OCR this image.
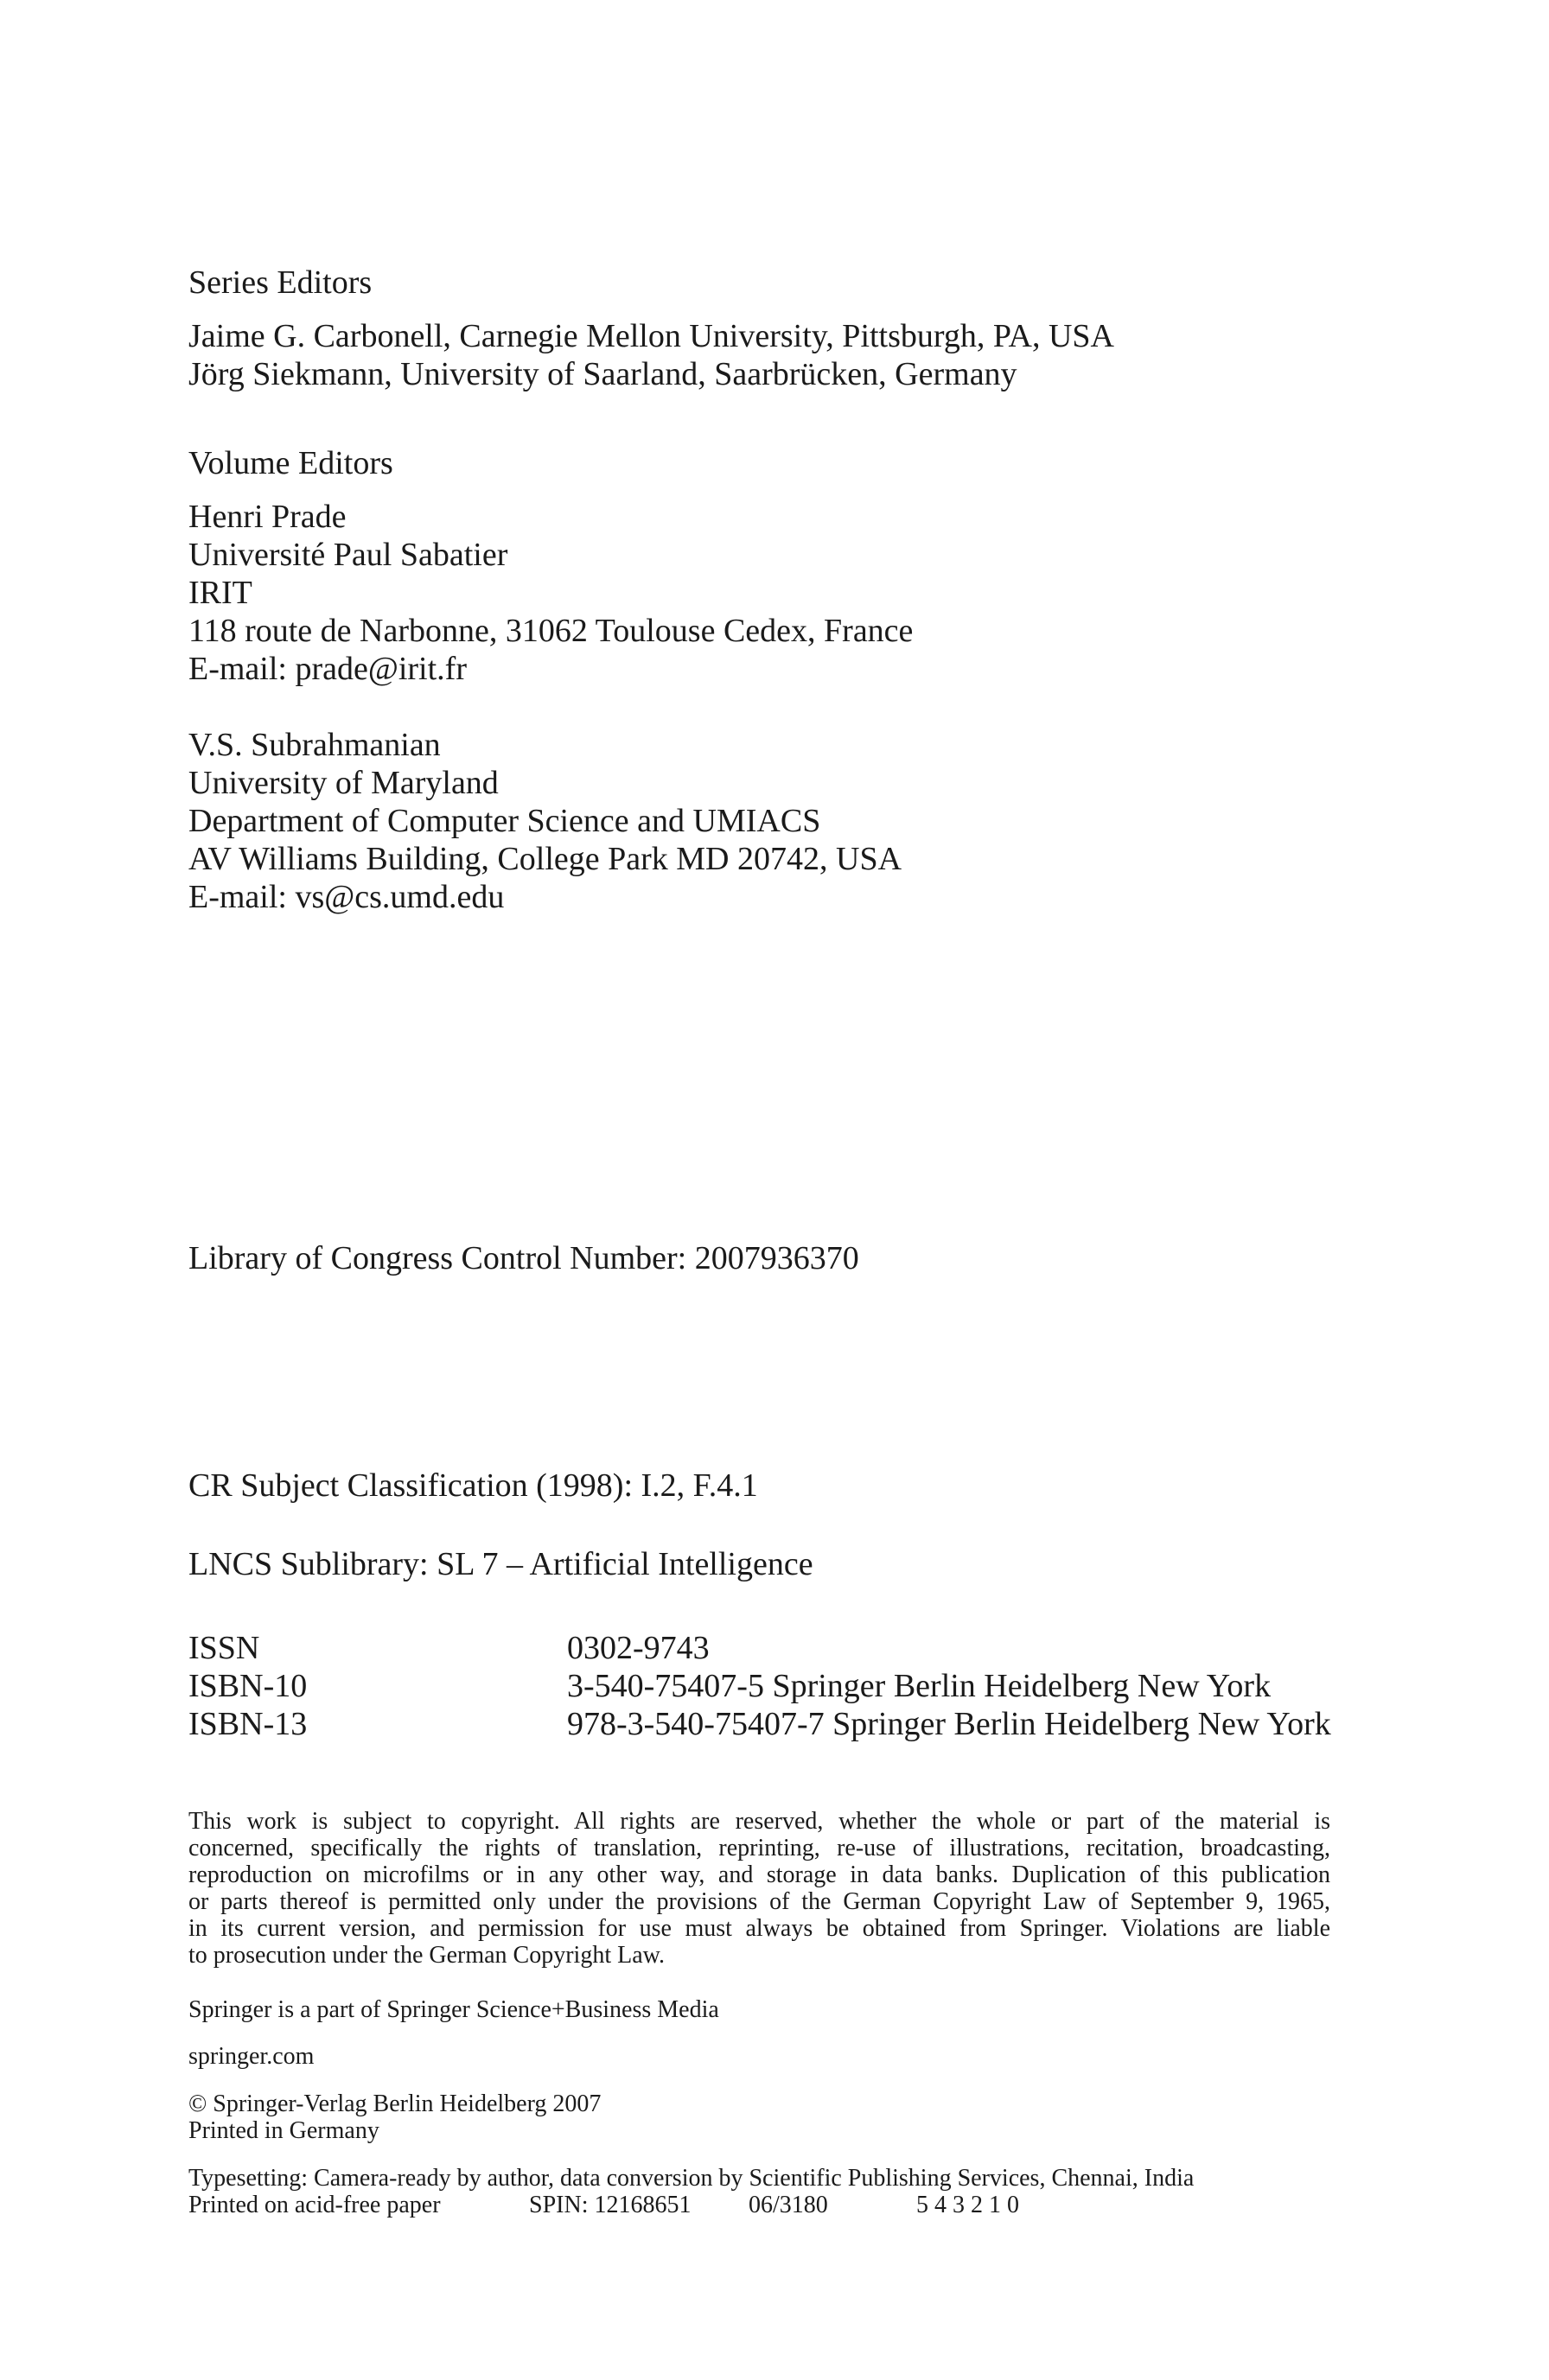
Series Editors
Jaime G. Carbonell, Carnegie Mellon University, Pittsburgh, PA, USA
Jörg Siekmann, University of Saarland, Saarbrücken, Germany
Volume Editors
Henri Prade
Université Paul Sabatier
IRIT
118 route de Narbonne, 31062 Toulouse Cedex, France
E-mail: prade@irit.fr
V.S. Subrahmanian
University of Maryland
Department of Computer Science and UMIACS
AV Williams Building, College Park MD 20742, USA
E-mail: vs@cs.umd.edu
Library of Congress Control Number: 2007936370
CR Subject Classification (1998): I.2, F.4.1
LNCS Sublibrary: SL 7 – Artificial Intelligence
ISSN	0302-9743
ISBN-10	3-540-75407-5 Springer Berlin Heidelberg New York
ISBN-13	978-3-540-75407-7 Springer Berlin Heidelberg New York
This work is subject to copyright. All rights are reserved, whether the whole or part of the material is
concerned, specifically the rights of translation, reprinting, re-use of illustrations, recitation, broadcasting,
reproduction on microfilms or in any other way, and storage in data banks. Duplication of this publication
or parts thereof is permitted only under the provisions of the German Copyright Law of September 9, 1965,
in its current version, and permission for use must always be obtained from Springer. Violations are liable
to prosecution under the German Copyright Law.
Springer is a part of Springer Science+Business Media
springer.com
© Springer-Verlag Berlin Heidelberg 2007
Printed in Germany
Typesetting: Camera-ready by author, data conversion by Scientific Publishing Services, Chennai, India
Printed on acid-free paper	SPIN: 12168651 06/3180	5 4 3 2 1 0
